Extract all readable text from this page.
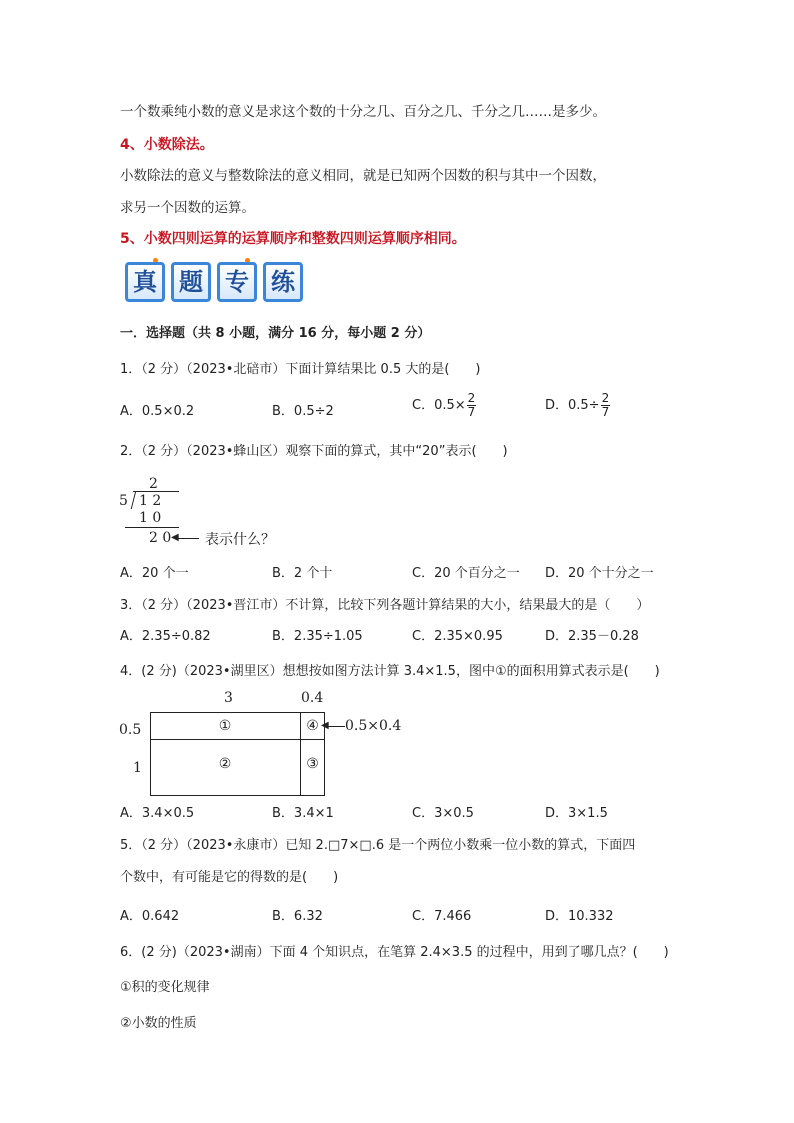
一个数乘纯小数的意义是求这个数的十分之几、百分之几、千分之几……是多少。
4、小数除法。
小数除法的意义与整数除法的意义相同，就是已知两个因数的积与其中一个因数，
求另一个因数的运算。
5、小数四则运算的运算顺序和整数四则运算顺序相同。
真 题 专 练
一．选择题（共 8 小题，满分 16 分，每小题 2 分）
1．（2 分）（2023•北碚市）下面计算结果比 0.5 大的是(　　)
A．0.5×0.2	B．0.5÷2	C．$0.5\times \frac{2}{7}$	D．$0.5\div \frac{2}{7}$
2．（2 分）（2023•蜂山区）观察下面的算式，其中“20”表示(　　)
2
5 1 2
1 0
2 0 ◀ 表示什么？
A．20 个一	B．2 个十	C．20 个百分之一 D．20 个十分之一
3．（2 分）（2023•晋江市）不计算，比较下列各题计算结果的大小，结果最大的是（　　）
A．2.35÷0.82	B．2.35÷1.05	C．2.35×0.95	D．2.35－0.28
4．(2 分)（2023•湖里区）想想按如图方法计算 3.4×1.5，图中①的面积用算式表示是(　　)
3	0.4
0.5
1
①
②	③
④ ◀ 0.5×0.4
A．3.4×0.5	B．3.4×1	C．3×0.5	D．3×1.5
5．（2 分）（2023•永康市）已知 2.□7×□.6 是一个两位小数乘一位小数的算式，下面四
个数中，有可能是它的得数的是(　　)
A．0.642	B．6.32	C．7.466	D．10.332
6．(2 分)（2023•湖南）下面 4 个知识点，在笔算 2.4×3.5 的过程中，用到了哪几点？(　　)
①积的变化规律
②小数的性质
